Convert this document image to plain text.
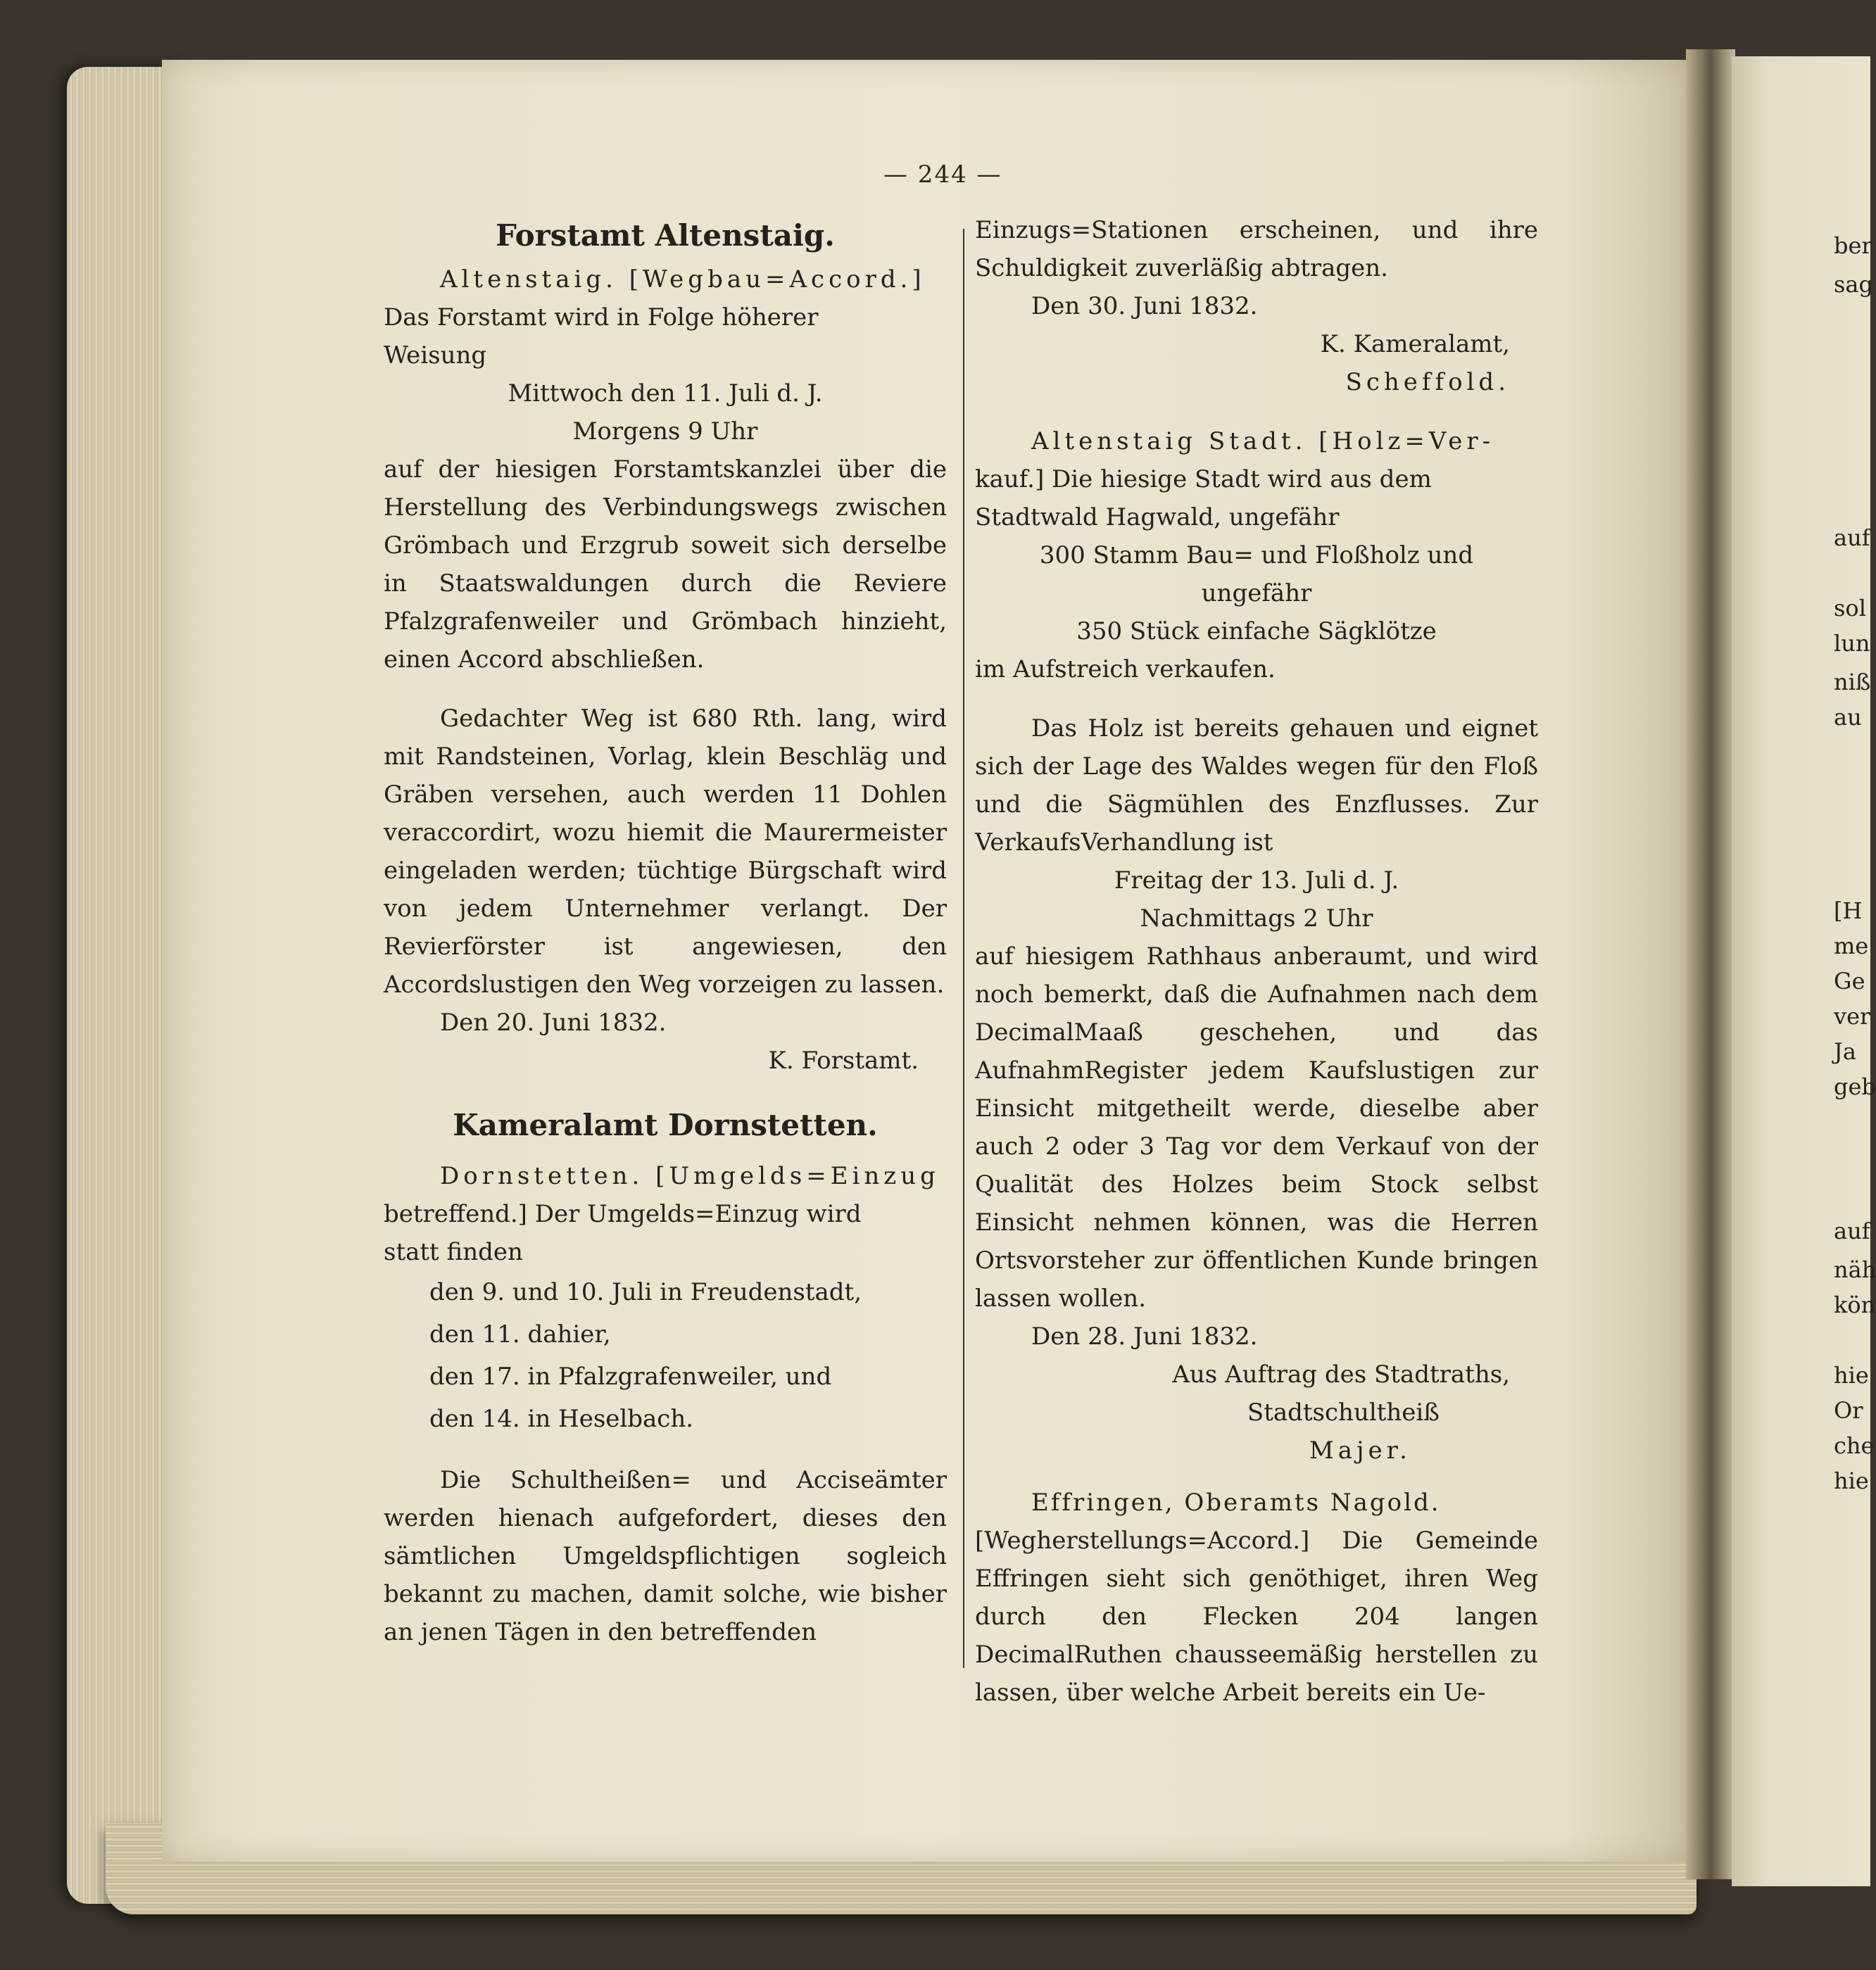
— 244 —

Forstamt Altenstaig.

Altenstaig. [Wegbau=Accord.]

Das Forstamt wird in Folge höherer

Weisung

Mittwoch den 11. Juli d. J.

Morgens 9 Uhr

auf der hiesigen Forstamtskanzlei über die Herstellung des Verbindungswegs zwischen Grömbach und Erzgrub soweit sich derselbe in Staatswaldungen durch die Reviere Pfalzgrafenweiler und Grömbach hinzieht, einen Accord abschließen.

Gedachter Weg ist 680 Rth. lang, wird mit Randsteinen, Vorlag, klein Beschläg und Gräben versehen, auch werden 11 Dohlen veraccordirt, wozu hiemit die Maurermeister eingeladen werden; tüchtige Bürgschaft wird von jedem Unternehmer verlangt. Der Revierförster ist angewiesen, den Accordslustigen den Weg vorzeigen zu lassen.

Den 20. Juni 1832.

K. Forstamt.

Kameralamt Dornstetten.

Dornstetten. [Umgelds=Einzug

betreffend.] Der Umgelds=Einzug wird

statt finden

den 9. und 10. Juli in Freudenstadt,
den 11. dahier,
den 17. in Pfalzgrafenweiler, und
den 14. in Heselbach.

Die Schultheißen= und Acciseämter werden hienach aufgefordert, dieses den sämtlichen Umgeldspflichtigen sogleich bekannt zu machen, damit solche, wie bisher an jenen Tägen in den betreffenden

Einzugs=Stationen erscheinen, und ihre Schuldigkeit zuverläßig abtragen.

Den 30. Juni 1832.

K. Kameralamt,

Scheffold.

Altenstaig Stadt. [Holz=Ver-

kauf.] Die hiesige Stadt wird aus dem

Stadtwald Hagwald, ungefähr

300 Stamm Bau= und Floßholz und

ungefähr

350 Stück einfache Sägklötze

im Aufstreich verkaufen.

Das Holz ist bereits gehauen und eignet sich der Lage des Waldes wegen für den Floß und die Sägmühlen des Enzflusses. Zur VerkaufsVerhandlung ist

Freitag der 13. Juli d. J.

Nachmittags 2 Uhr

auf hiesigem Rathhaus anberaumt, und wird noch bemerkt, daß die Aufnahmen nach dem DecimalMaaß geschehen, und das AufnahmRegister jedem Kaufslustigen zur Einsicht mitgetheilt werde, dieselbe aber auch 2 oder 3 Tag vor dem Verkauf von der Qualität des Holzes beim Stock selbst Einsicht nehmen können, was die Herren Ortsvorsteher zur öffentlichen Kunde bringen lassen wollen.

Den 28. Juni 1832.

Aus Auftrag des Stadtraths,

Stadtschultheiß

Majer.

Effringen, Oberamts Nagold.

[Wegherstellungs=Accord.] Die Gemeinde Effringen sieht sich genöthiget, ihren Weg durch den Flecken 204 langen DecimalRuthen chausseemäßig herstellen zu lassen, über welche Arbeit bereits ein Ue-

ber
sag
auf
sol
lun
niß
au
[H
me
Ge
ver
Ja
geb
auf
näh
kön
hie
Or
che
hie
